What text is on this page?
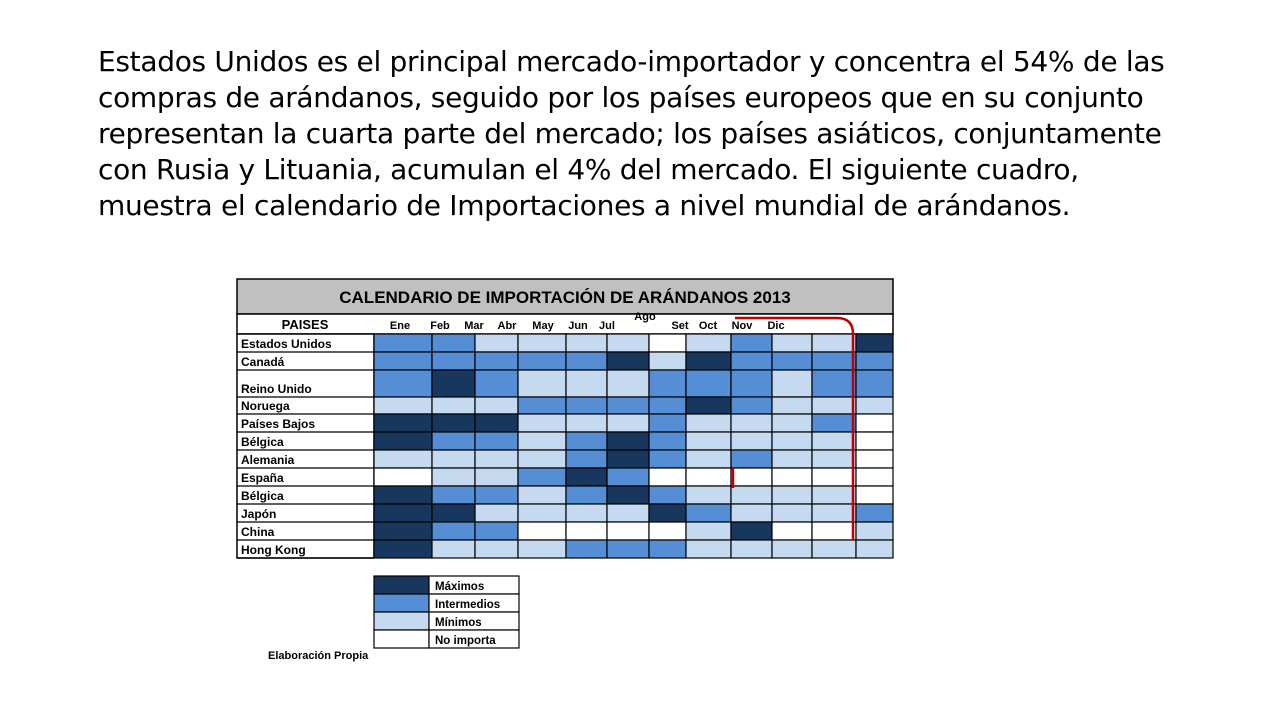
Estados Unidos es el principal mercado-importador y concentra el 54% de las compras de arándanos, seguido por los países europeos que en su conjunto representan la cuarta parte del mercado; los países asiáticos, conjuntamente con Rusia y Lituania, acumulan el 4% del mercado. El siguiente cuadro, muestra el calendario de Importaciones a nivel mundial de arándanos.

CALENDARIO DE IMPORTACIÓN DE ARÁNDANOS 2013
PAISES	Ene Feb Mar Abr May Jun Jul
Ago
Set Oct Nov Dic
Estados Unidos
Canadá
Reino Unido
Noruega
Países Bajos
Bélgica
Alemania
España
Bélgica
Japón
China
Hong Kong
Máximos
Intermedios
Mínimos
No importa
Elaboración Propia
